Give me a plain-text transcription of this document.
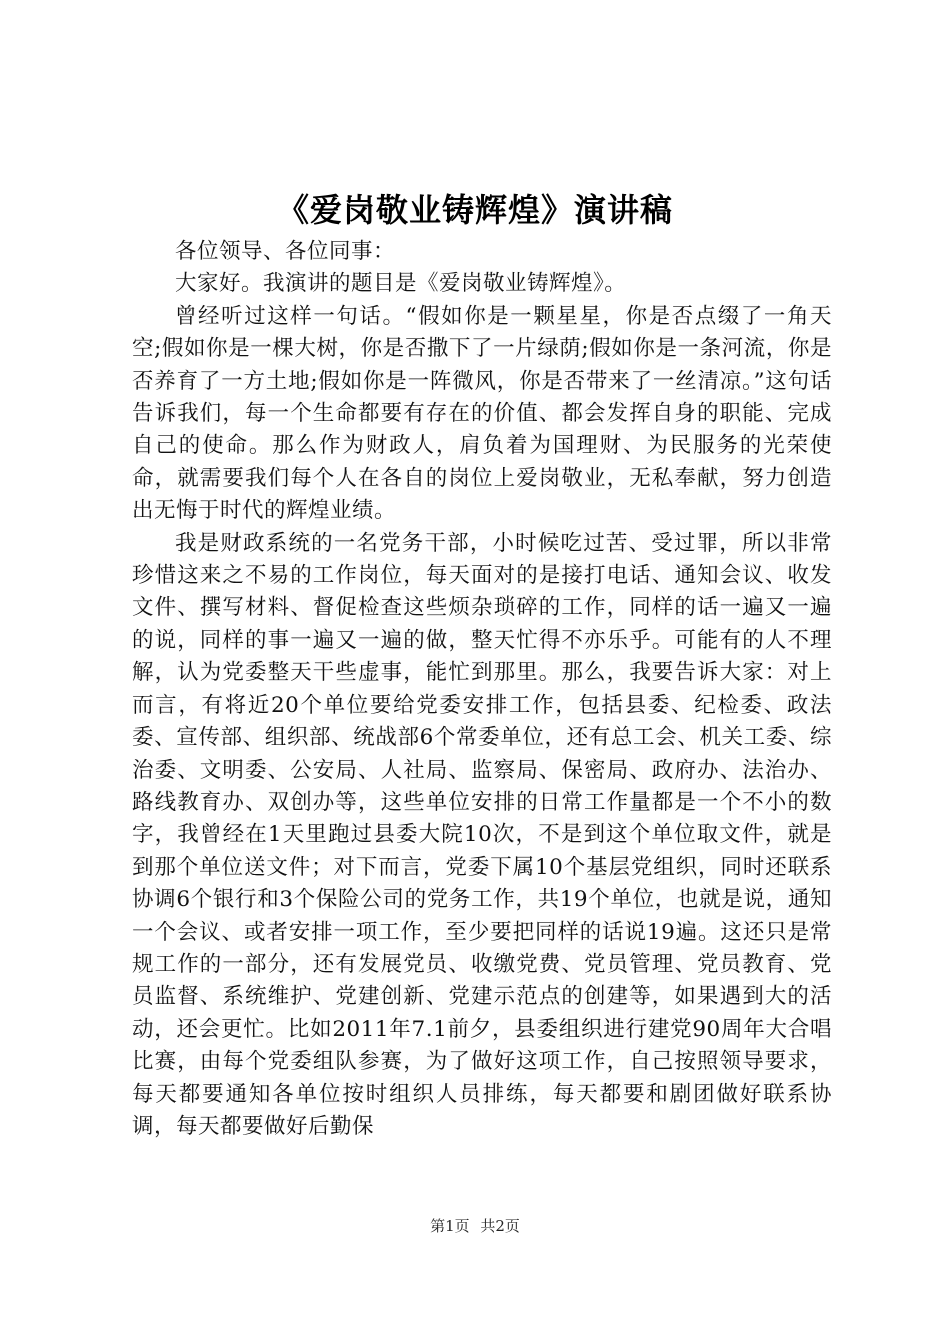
《爱岗敬业铸辉煌》演讲稿

各位领导、各位同事：

大家好。我演讲的题目是《爱岗敬业铸辉煌》。

曾经听过这样一句话。“假如你是一颗星星，你是否点缀了一角天空;假如你是一棵大树，你是否撒下了一片绿荫;假如你是一条河流，你是否养育了一方土地;假如你是一阵微风，你是否带来了一丝清凉。”这句话告诉我们，每一个生命都要有存在的价值、都会发挥自身的职能、完成自己的使命。那么作为财政人，肩负着为国理财、为民服务的光荣使命，就需要我们每个人在各自的岗位上爱岗敬业，无私奉献，努力创造出无悔于时代的辉煌业绩。

我是财政系统的一名党务干部，小时候吃过苦、受过罪，所以非常珍惜这来之不易的工作岗位，每天面对的是接打电话、通知会议、收发文件、撰写材料、督促检查这些烦杂琐碎的工作，同样的话一遍又一遍的说，同样的事一遍又一遍的做，整天忙得不亦乐乎。可能有的人不理解，认为党委整天干些虚事，能忙到那里。那么，我要告诉大家：对上而言，有将近20个单位要给党委安排工作，包括县委、纪检委、政法委、宣传部、组织部、统战部6个常委单位，还有总工会、机关工委、综治委、文明委、公安局、人社局、监察局、保密局、政府办、法治办、路线教育办、双创办等，这些单位安排的日常工作量都是一个不小的数字，我曾经在1天里跑过县委大院10次，不是到这个单位取文件，就是到那个单位送文件；对下而言，党委下属10个基层党组织，同时还联系协调6个银行和3个保险公司的党务工作，共19个单位，也就是说，通知一个会议、或者安排一项工作，至少要把同样的话说19遍。这还只是常规工作的一部分，还有发展党员、收缴党费、党员管理、党员教育、党员监督、系统维护、党建创新、党建示范点的创建等，如果遇到大的活动，还会更忙。比如2011年7.1前夕，县委组织进行建党90周年大合唱比赛，由每个党委组队参赛，为了做好这项工作，自己按照领导要求，每天都要通知各单位按时组织人员排练，每天都要和剧团做好联系协调，每天都要做好后勤保

第1页 共2页
